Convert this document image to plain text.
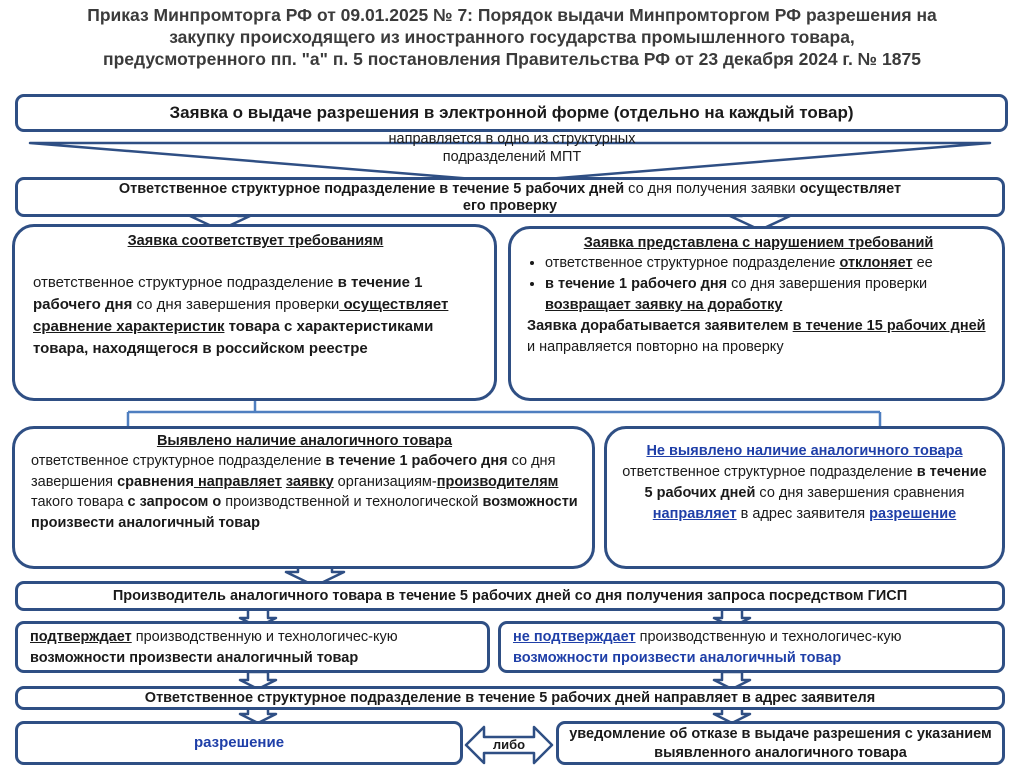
Приказ Минпромторга РФ от 09.01.2025 № 7: Порядок выдачи Минпромторгом РФ разрешения на
закупку происходящего из иностранного государства промышленного товара,
предусмотренного пп. "а" п. 5 постановления Правительства РФ от 23 декабря 2024 г. № 1875
Заявка о выдаче разрешения в электронной форме (отдельно на каждый товар)
направляется в одно из структурных
подразделений МПТ
Ответственное структурное подразделение в течение 5 рабочих дней со дня получения заявки осуществляет
его проверку
Заявка соответствует требованиям
ответственное структурное подразделение в течение 1 рабочего дня со дня завершения проверки осуществляет сравнение характеристик товара с характеристиками товара, находящегося в российском реестре
Заявка представлена с нарушением требований
• ответственное структурное подразделение отклоняет ее
• в течение 1 рабочего дня со дня завершения проверки возвращает заявку на доработку
Заявка дорабатывается заявителем в течение 15 рабочих дней и направляется повторно на проверку
Выявлено наличие аналогичного товара
ответственное структурное подразделение в течение 1 рабочего дня со дня завершения сравнения направляет заявку организациям-производителям такого товара с запросом о производственной и технологической возможности произвести аналогичный товар
Не выявлено наличие аналогичного товара ответственное структурное подразделение в течение 5 рабочих дней со дня завершения сравнения направляет в адрес заявителя разрешение
Производитель аналогичного товара в течение 5 рабочих дней со дня получения запроса посредством ГИСП
подтверждает производственную и технологичес-кую возможности произвести аналогичный товар
не подтверждает производственную и технологичес-кую возможности произвести аналогичный товар
Ответственное структурное подразделение в течение 5 рабочих дней направляет в адрес заявителя
разрешение	либо
уведомление об отказе в выдаче разрешения с указанием выявленного аналогичного товара
